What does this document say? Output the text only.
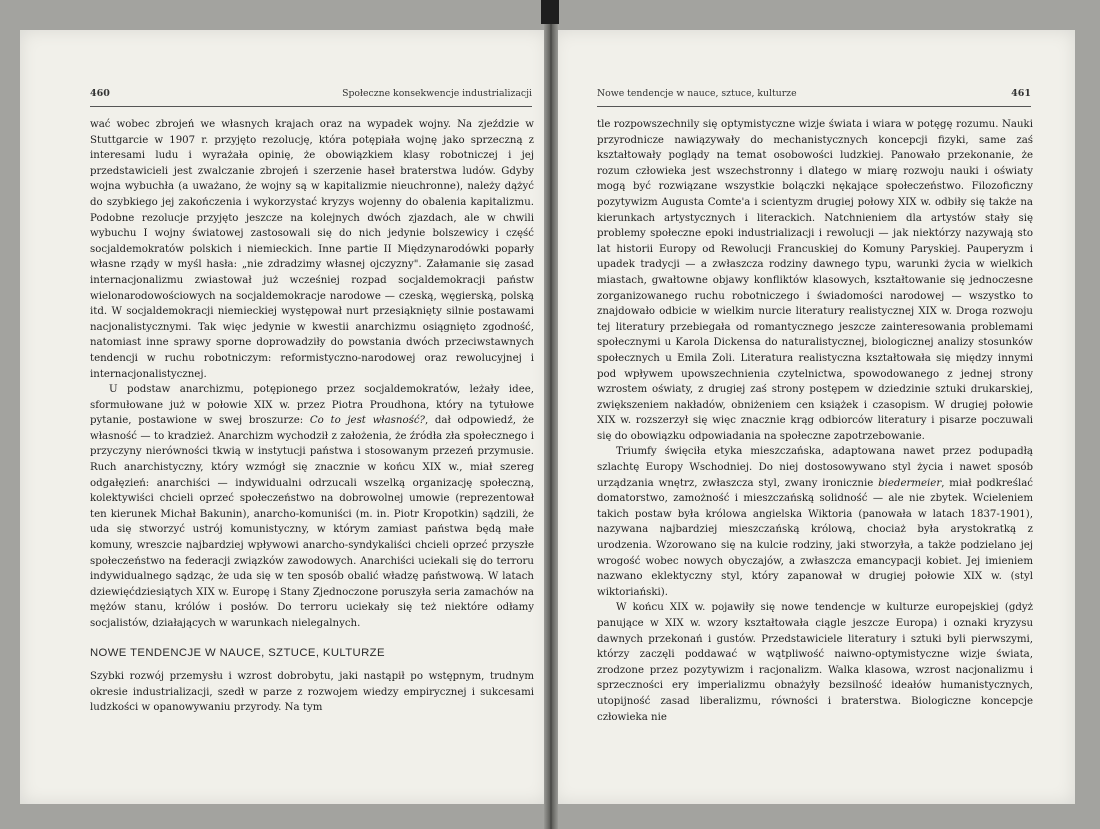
460	Społeczne konsekwencje industrializacji

wać wobec zbrojeń we własnych krajach oraz na wypadek wojny. Na zjeździe w Stuttgarcie w 1907 r. przyjęto rezolucję, która potępiała wojnę jako sprzeczną z interesami ludu i wyrażała opinię, że obowiązkiem klasy robotniczej i jej przedstawicieli jest zwalczanie zbrojeń i szerzenie haseł braterstwa ludów. Gdyby wojna wybuchła (a uważano, że wojny są w kapitalizmie nieuchronne), należy dążyć do szybkiego jej zakończenia i wykorzystać kryzys wojenny do obalenia kapitalizmu. Podobne rezolucje przyjęto jeszcze na kolejnych dwóch zjazdach, ale w chwili wybuchu I wojny światowej zastosowali się do nich jedynie bolszewicy i część socjaldemokratów polskich i niemieckich. Inne partie II Międzynarodówki poparły własne rządy w myśl hasła: „nie zdradzimy własnej ojczyzny". Załamanie się zasad internacjonalizmu zwiastował już wcześniej rozpad socjaldemokracji państw wielonarodowościowych na socjaldemokracje narodowe — czeską, węgierską, polską itd. W socjaldemokracji niemieckiej występował nurt przesiąknięty silnie postawami nacjonalistycznymi. Tak więc jedynie w kwestii anarchizmu osiągnięto zgodność, natomiast inne sprawy sporne doprowadziły do powstania dwóch przeciwstawnych tendencji w ruchu robotniczym: reformistyczno-narodowej oraz rewolucyjnej i internacjonalistycznej.

U podstaw anarchizmu, potępionego przez socjaldemokratów, leżały idee, sformułowane już w połowie XIX w. przez Piotra Proudhona, który na tytułowe pytanie, postawione w swej broszurze: Co to jest własność?, dał odpowiedź, że własność — to kradzież. Anarchizm wychodził z założenia, że źródła zła społecznego i przyczyny nierówności tkwią w instytucji państwa i stosowanym przezeń przymusie. Ruch anarchistyczny, który wzmógł się znacznie w końcu XIX w., miał szereg odgałęzień: anarchiści — indywidualni odrzucali wszelką organizację społeczną, kolektywiści chcieli oprzeć społeczeństwo na dobrowolnej umowie (reprezentował ten kierunek Michał Bakunin), anarcho-komuniści (m. in. Piotr Kropotkin) sądzili, że uda się stworzyć ustrój komunistyczny, w którym zamiast państwa będą małe komuny, wreszcie najbardziej wpływowi anarcho-syndykaliści chcieli oprzeć przyszłe społeczeństwo na federacji związków zawodowych. Anarchiści uciekali się do terroru indywidualnego sądząc, że uda się w ten sposób obalić władzę państwową. W latach dziewięćdziesiątych XIX w. Europę i Stany Zjednoczone poruszyła seria zamachów na mężów stanu, królów i posłów. Do terroru uciekały się też niektóre odłamy socjalistów, działających w warunkach nielegalnych.

NOWE TENDENCJE W NAUCE, SZTUCE, KULTURZE

Szybki rozwój przemysłu i wzrost dobrobytu, jaki nastąpił po wstępnym, trudnym okresie industrializacji, szedł w parze z rozwojem wiedzy empirycznej i sukcesami ludzkości w opanowywaniu przyrody. Na tym

Nowe tendencje w nauce, sztuce, kulturze	461

tle rozpowszechnily się optymistyczne wizje świata i wiara w potęgę rozumu. Nauki przyrodnicze nawiązywały do mechanistycznych koncepcji fizyki, same zaś kształtowały poglądy na temat osobowości ludzkiej. Panowało przekonanie, że rozum człowieka jest wszechstronny i dlatego w miarę rozwoju nauki i oświaty mogą być rozwiązane wszystkie bolączki nękające społeczeństwo. Filozoficzny pozytywizm Augusta Comte'a i scientyzm drugiej połowy XIX w. odbiły się także na kierunkach artystycznych i literackich. Natchnieniem dla artystów stały się problemy społeczne epoki industrializacji i rewolucji — jak niektórzy nazywają sto lat historii Europy od Rewolucji Francuskiej do Komuny Paryskiej. Pauperyzm i upadek tradycji — a zwłaszcza rodziny dawnego typu, warunki życia w wielkich miastach, gwałtowne objawy konfliktów klasowych, kształtowanie się jednoczesne zorganizowanego ruchu robotniczego i świadomości narodowej — wszystko to znajdowało odbicie w wielkim nurcie literatury realistycznej XIX w. Droga rozwoju tej literatury przebiegała od romantycznego jeszcze zainteresowania problemami społecznymi u Karola Dickensa do naturalistycznej, biologicznej analizy stosunków społecznych u Emila Zoli. Literatura realistyczna kształtowała się między innymi pod wpływem upowszechnienia czytelnictwa, spowodowanego z jednej strony wzrostem oświaty, z drugiej zaś strony postępem w dziedzinie sztuki drukarskiej, zwiększeniem nakładów, obniżeniem cen książek i czasopism. W drugiej połowie XIX w. rozszerzył się więc znacznie krąg odbiorców literatury i pisarze poczuwali się do obowiązku odpowiadania na społeczne zapotrzebowanie.

Triumfy święciła etyka mieszczańska, adaptowana nawet przez podupadłą szlachtę Europy Wschodniej. Do niej dostosowywano styl życia i nawet sposób urządzania wnętrz, zwłaszcza styl, zwany ironicznie biedermeier, miał podkreślać domatorstwo, zamożność i mieszczańską solidność — ale nie zbytek. Wcieleniem takich postaw była królowa angielska Wiktoria (panowała w latach 1837-1901), nazywana najbardziej mieszczańską królową, chociaż była arystokratką z urodzenia. Wzorowano się na kulcie rodziny, jaki stworzyła, a także podzielano jej wrogość wobec nowych obyczajów, a zwłaszcza emancypacji kobiet. Jej imieniem nazwano eklektyczny styl, który zapanował w drugiej połowie XIX w. (styl wiktoriański).

W końcu XIX w. pojawiły się nowe tendencje w kulturze europejskiej (gdyż panujące w XIX w. wzory kształtowała ciągle jeszcze Europa) i oznaki kryzysu dawnych przekonań i gustów. Przedstawiciele literatury i sztuki byli pierwszymi, którzy zaczęli poddawać w wątpliwość naiwno-optymistyczne wizje świata, zrodzone przez pozytywizm i racjonalizm. Walka klasowa, wzrost nacjonalizmu i sprzeczności ery imperializmu obnażyły bezsilność ideałów humanistycznych, utopijność zasad liberalizmu, równości i braterstwa. Biologiczne koncepcje człowieka nie
